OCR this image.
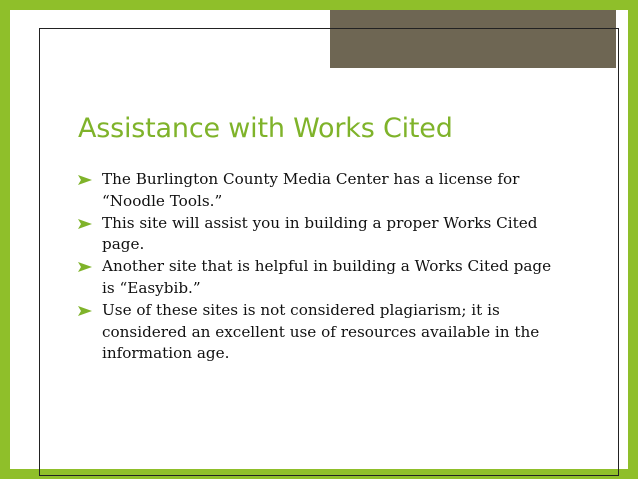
Assistance with Works Cited
The Burlington County Media Center has a license for “Noodle Tools.”
This site will assist you in building a proper Works Cited page.
Another site that is helpful in building a Works Cited page is “Easybib.”
Use of these sites is not considered plagiarism; it is considered an excellent use of resources available in the information age.
